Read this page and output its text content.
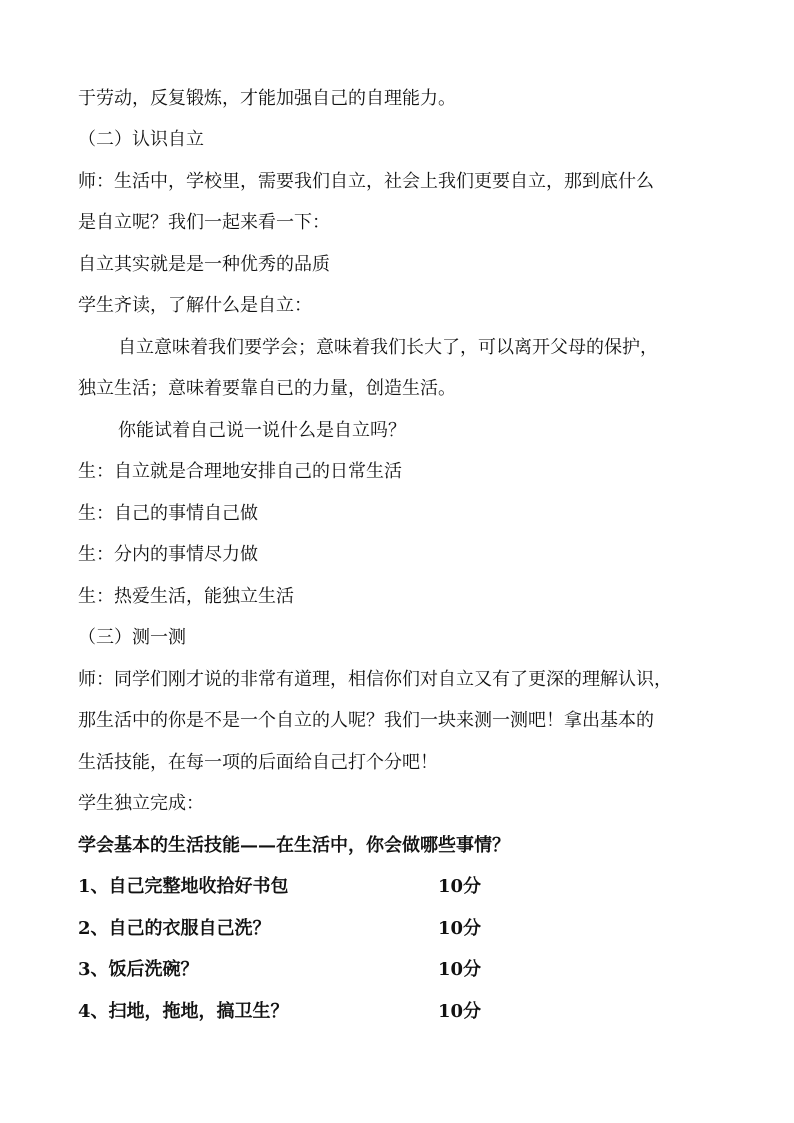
于劳动，反复锻炼，才能加强自己的自理能力。
（二）认识自立
师：生活中，学校里，需要我们自立，社会上我们更要自立，那到底什么
是自立呢？我们一起来看一下：
自立其实就是是一种优秀的品质
学生齐读，了解什么是自立：
自立意味着我们要学会；意味着我们长大了，可以离开父母的保护，
独立生活；意味着要靠自已的力量，创造生活。
你能试着自己说一说什么是自立吗？
生：自立就是合理地安排自己的日常生活
生：自己的事情自己做
生：分内的事情尽力做
生：热爱生活，能独立生活
（三）测一测
师：同学们刚才说的非常有道理，相信你们对自立又有了更深的理解认识，
那生活中的你是不是一个自立的人呢？我们一块来测一测吧！拿出基本的
生活技能，在每一项的后面给自己打个分吧！
学生独立完成：
学会基本的生活技能——在生活中，你会做哪些事情？
1、自己完整地收拾好书包	10分
2、自己的衣服自己洗？	10分
3、饭后洗碗？	10分
4、扫地，拖地，搞卫生？	10分
